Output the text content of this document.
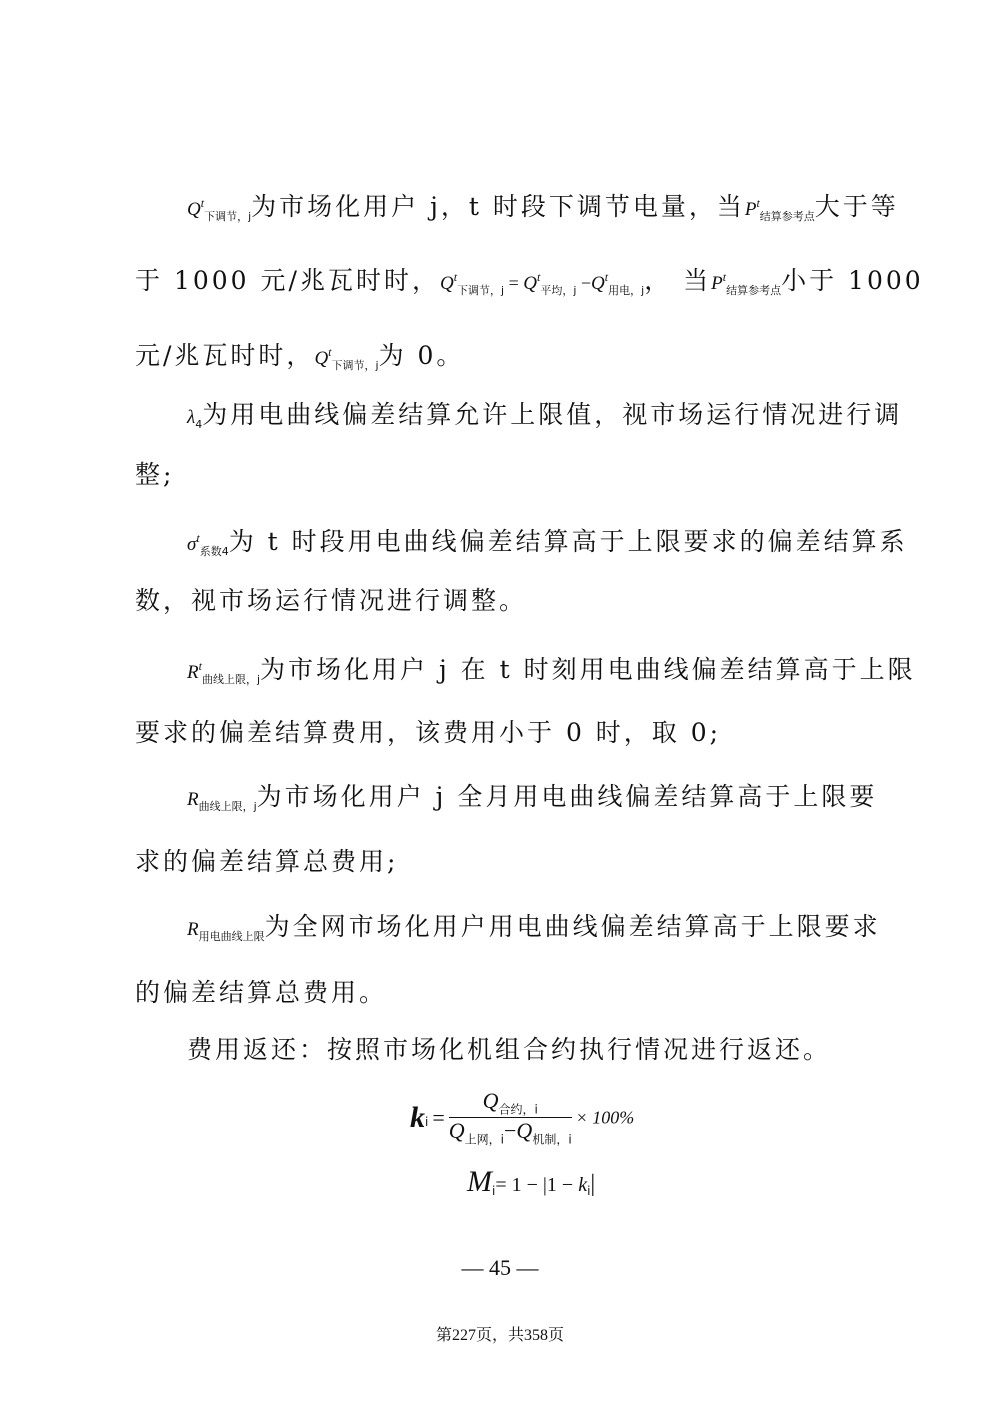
$Q^t_{下调节,j}$为市场化用户 j，t 时段下调节电量，当$P^t_{结算参考点}$大于等
于 1000 元/兆瓦时时，$Q^t_{下调节,j} = Q^t_{平均,j} -Q^t_{用电,j}$， 当$P^t_{结算参考点}$小于 1000
元/兆瓦时时，$Q^t_{下调节,j}$为 0。
$\lambda_4$为用电曲线偏差结算允许上限值，视市场运行情况进行调
整;
$\sigma^t_{系数4}$为 t 时段用电曲线偏差结算高于上限要求的偏差结算系
数，视市场运行情况进行调整。
$R^t_{曲线上限,j}$为市场化用户 j 在 t 时刻用电曲线偏差结算高于上限
要求的偏差结算费用，该费用小于 0 时，取 0;
$R_{曲线上限,j}$为市场化用户 j 全月用电曲线偏差结算高于上限要
求的偏差结算总费用;
$R_{用电曲线上限}$为全网市场化用户用电曲线偏差结算高于上限要求
的偏差结算总费用。
费用返还：按照市场化机组合约执行情况进行返还。
$k_i = \frac{Q_{合约,i}}{Q_{上网,i}-Q_{机制,i}} \times 100\%$
$M_i= 1 - |1 - k_i|$
— 45 —
第227页，共358页
